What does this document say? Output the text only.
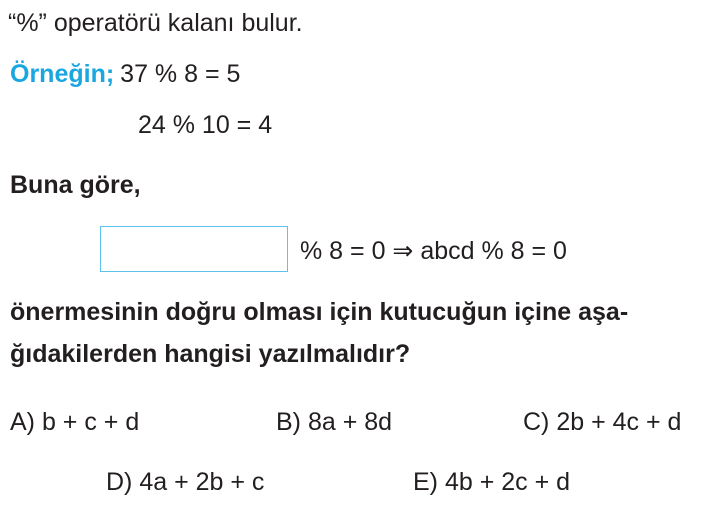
“%” operatörü kalanı bulur.
Örneğin; 37 % 8 = 5
24 % 10 = 4
Buna göre,
% 8 = 0 ⇒ abcd % 8 = 0
önermesinin doğru olması için kutucuğun içine aşa-
ğıdakilerden hangisi yazılmalıdır?
A) b + c + d	B) 8a + 8d	C) 2b + 4c + d
D) 4a + 2b + c	E) 4b + 2c + d
